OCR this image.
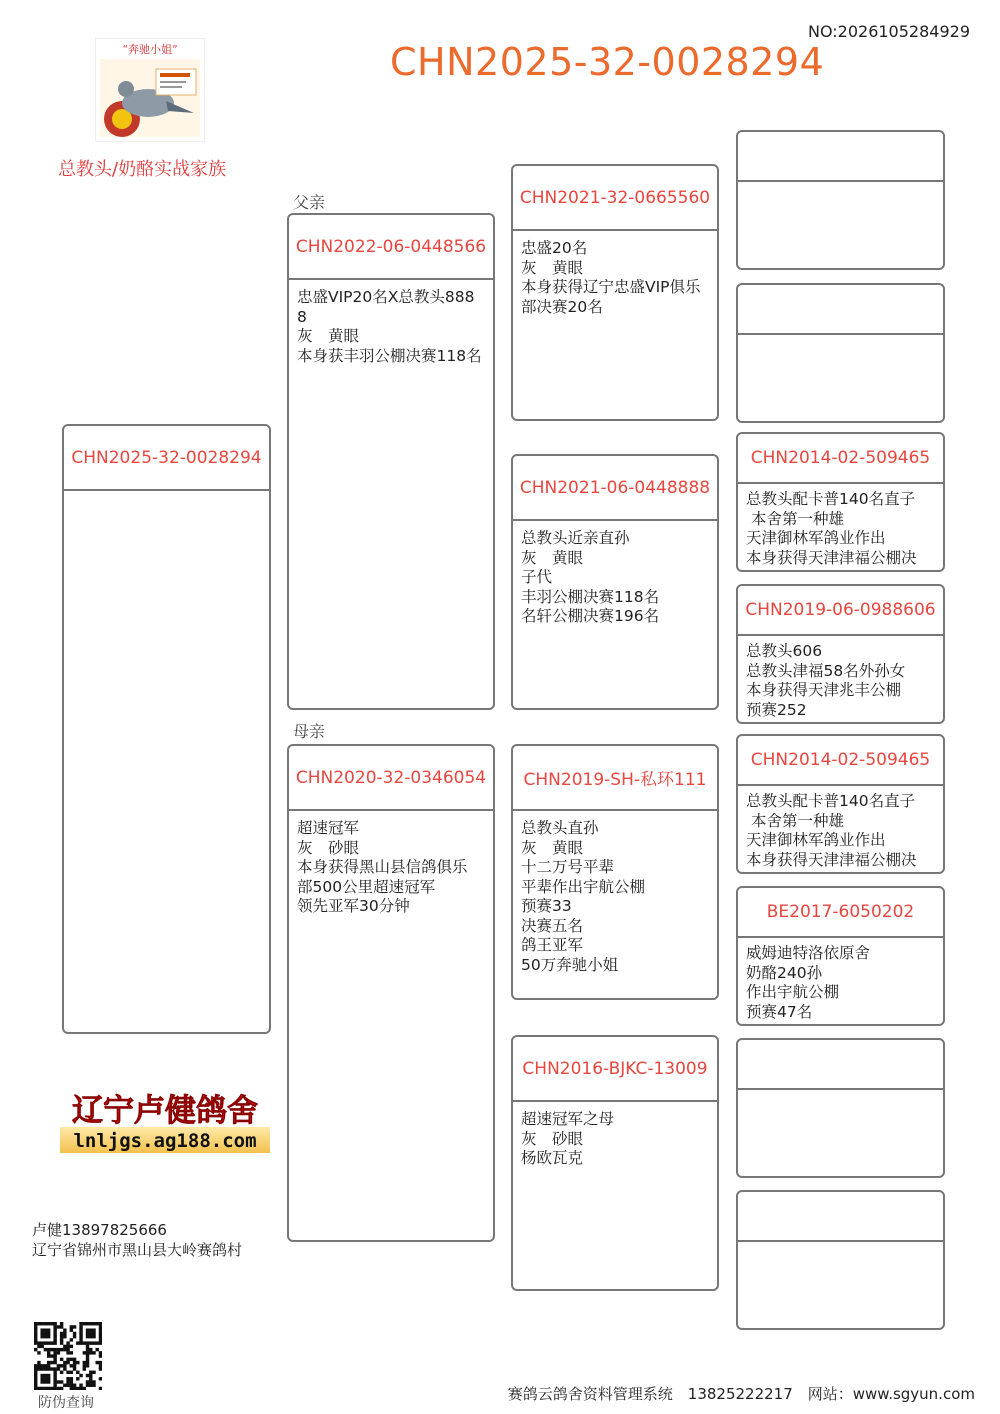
NO:2026105284929
CHN2025-32-0028294
“奔驰小姐”
总教头/奶酪实战家族
父亲
母亲
CHN2025-32-0028294
CHN2022-06-0448566
忠盛VIP20名X总教头888
8
灰　黄眼
本身获丰羽公棚决赛118名
CHN2020-32-0346054
超速冠军
灰　砂眼
本身获得黑山县信鸽俱乐
部500公里超速冠军
领先亚军30分钟
CHN2021-32-0665560
忠盛20名
灰　黄眼
本身获得辽宁忠盛VIP俱乐
部决赛20名
CHN2021-06-0448888
总教头近亲直孙
灰　黄眼
子代
丰羽公棚决赛118名
名轩公棚决赛196名
CHN2019-SH-私环111
总教头直孙
灰　黄眼
十二万号平辈
平辈作出宇航公棚
预赛33
决赛五名
鸽王亚军
50万奔驰小姐
CHN2016-BJKC-13009
超速冠军之母
灰　砂眼
杨欧瓦克
CHN2014-02-509465
总教头配卡普140名直子
本舍第一种雄
天津御林军鸽业作出
本身获得天津津福公棚决
CHN2019-06-0988606
总教头606
总教头津福58名外孙女
本身获得天津兆丰公棚
预赛252
CHN2014-02-509465
总教头配卡普140名直子
本舍第一种雄
天津御林军鸽业作出
本身获得天津津福公棚决
BE2017-6050202
威姆迪特洛依原舍
奶酪240孙
作出宇航公棚
预赛47名
辽宁卢健鸽舍
lnljgs.ag188.com
卢健13897825666
辽宁省锦州市黑山县大岭赛鸽村
防伪查询	赛鸽云鸽舍资料管理系统　13825222217　网站：www.sgyun.com
